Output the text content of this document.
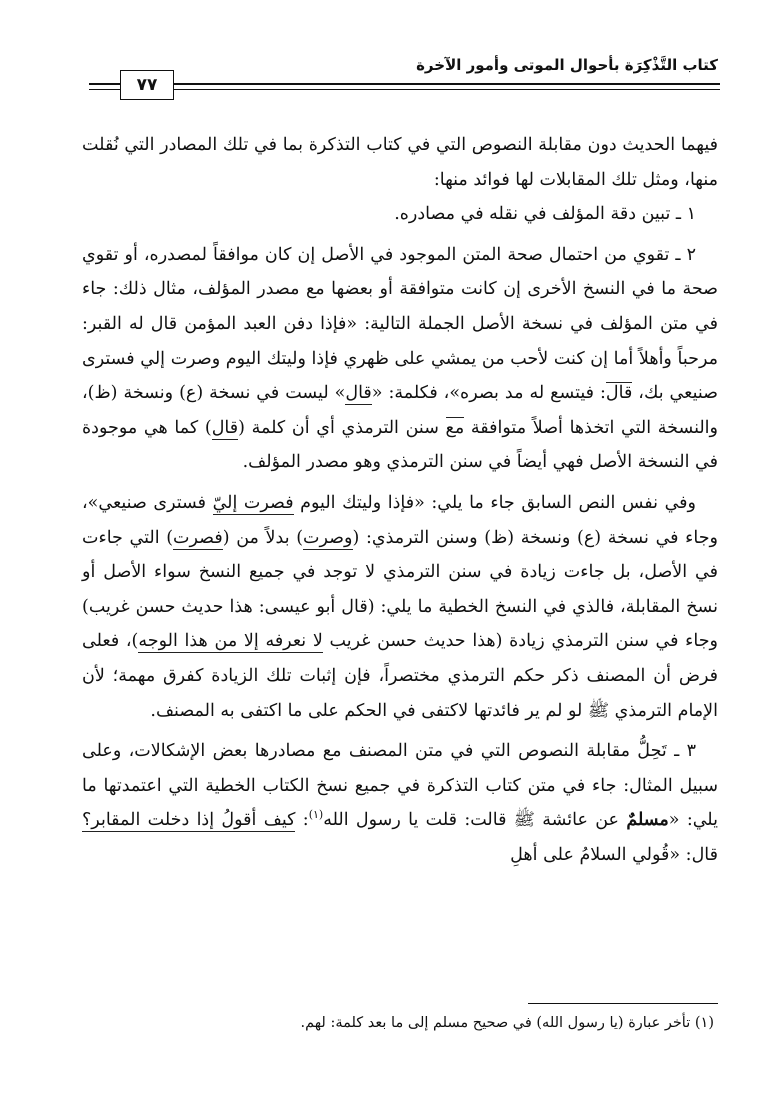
كتاب التَّذْكِرَة بأحوال الموتى وأمور الآخرة
٧٧

فيهما الحديث دون مقابلة النصوص التي في كتاب التذكرة بما في تلك المصادر التي نُقلت منها، ومثل تلك المقابلات لها فوائد منها:

١ ـ تبين دقة المؤلف في نقله في مصادره.

٢ ـ تقوي من احتمال صحة المتن الموجود في الأصل إن كان موافقاً لمصدره، أو تقوي صحة ما في النسخ الأخرى إن كانت متوافقة أو بعضها مع مصدر المؤلف، مثال ذلك: جاء في متن المؤلف في نسخة الأصل الجملة التالية: «فإذا دفن العبد المؤمن قال له القبر: مرحباً وأهلاً أما إن كنت لأحب من يمشي على ظهري فإذا وليتك اليوم وصرت إلي فسترى صنيعي بك، قال: فيتسع له مد بصره»، فكلمة: «قال» ليست في نسخة (ع) ونسخة (ظ)، والنسخة التي اتخذها أصلاً متوافقة مع سنن الترمذي أي أن كلمة (قال) كما هي موجودة في النسخة الأصل فهي أيضاً في سنن الترمذي وهو مصدر المؤلف.

وفي نفس النص السابق جاء ما يلي: «فإذا وليتك اليوم فصرت إليّ فسترى صنيعي»، وجاء في نسخة (ع) ونسخة (ظ) وسنن الترمذي: (وصرت) بدلاً من (فصرت) التي جاءت في الأصل، بل جاءت زيادة في سنن الترمذي لا توجد في جميع النسخ سواء الأصل أو نسخ المقابلة، فالذي في النسخ الخطية ما يلي: (قال أبو عيسى: هذا حديث حسن غريب) وجاء في سنن الترمذي زيادة (هذا حديث حسن غريب لا نعرفه إلا من هذا الوجه)، فعلى فرض أن المصنف ذكر حكم الترمذي مختصراً، فإن إثبات تلك الزيادة كفرق مهمة؛ لأن الإمام الترمذي ﷺ لو لم ير فائدتها لاكتفى في الحكم على ما اكتفى به المصنف.

٣ ـ تَحِلُّ مقابلة النصوص التي في متن المصنف مع مصادرها بعض الإشكالات، وعلى سبيل المثال: جاء في متن كتاب التذكرة في جميع نسخ الكتاب الخطية التي اعتمدتها ما يلي: «مسلمٌ عن عائشة ﷺ قالت: قلت يا رسول الله$^{(١)}$: كيف أقولُ إذا دخلت المقابر؟ قال: «قُولي السلامُ على أهلِ

(١) تأخر عبارة (يا رسول الله) في صحيح مسلم إلى ما بعد كلمة: لهم.
